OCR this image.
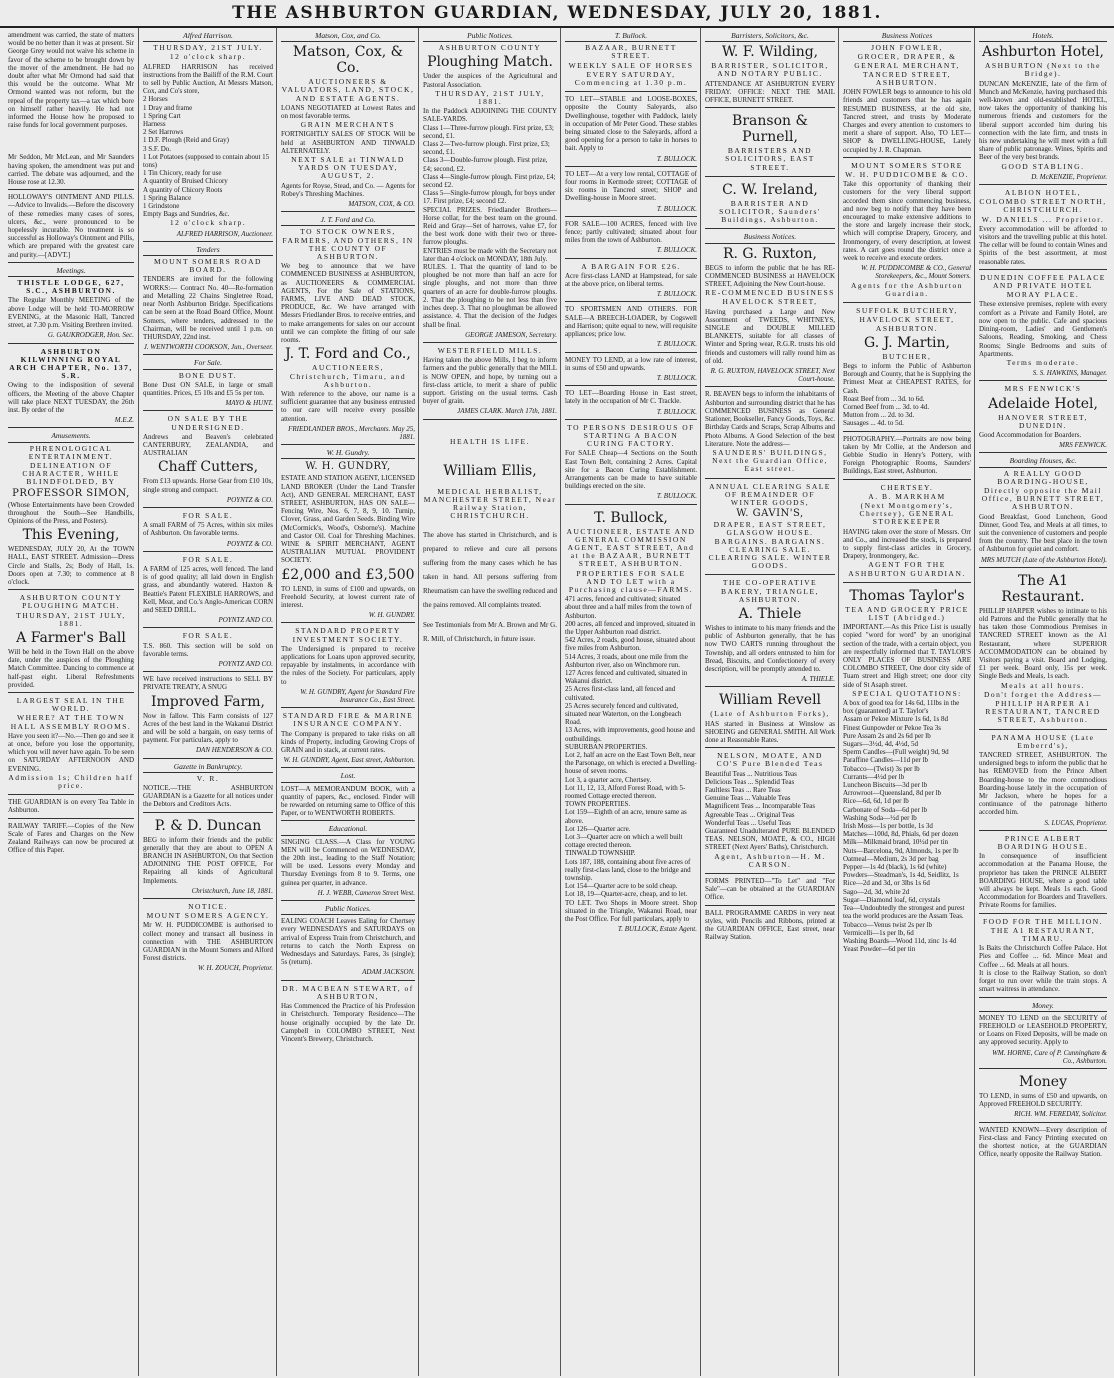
THE ASHBURTON GUARDIAN, WEDNESDAY, JULY 20, 1881.
amendment was carried, the state of matters would be no better than it was at present. Sir George Grey would not waive his scheme in favor of the scheme to be brought down by the mover of the amendment. He had no doubt after what Mr Ormond had said that this would be the outcome. What Mr Ormond wanted was not reform, but the repeal of the property tax—a tax which bore on himself rather heavily. He had not informed the House how he proposed to raise funds for local government purposes.
Mr Seddon, Mr McLean, and Mr Saunders having spoken, the amendment was put and carried. The debate was adjourned, and the House rose at 12.30.
HOLLOWAY'S OINTMENT AND PILLS.—Advice to Invalids.—Before the discovery of these remedies many cases of sores, ulcers, &c., were pronounced to be hopelessly incurable. No treatment is so successful as Holloway's Ointment and Pills, which are prepared with the greatest care and purity.—[ADVT.]
Meetings.
THISTLE LODGE, 627, S.C., ASHBURTON.
The Regular Monthly MEETING of the above Lodge will be held TO-MORROW EVENING, at the Masonic Hall, Tancred street, at 7.30 p.m. Visiting Brethren invited.
G. GAUKRODGER, Hon. Sec.
ASHBURTON KILWINNING ROYAL ARCH CHAPTER, No. 137, S.R.
Owing to the indisposition of several officers, the Meeting of the above Chapter will take place NEXT TUESDAY, the 26th inst. By order of the
M.E.Z.
Amusements.
PHRENOLOGICAL ENTERTAINMENT.
DELINEATION OF CHARACTER, WHILE BLINDFOLDED, BY
PROFESSOR SIMON,
(Whose Entertainments have been Crowded throughout the South—See Handbills, Opinions of the Press, and Posters).
This Evening,
WEDNESDAY, JULY 20, At the TOWN HALL, EAST STREET. Admission—Dress Circle and Stalls, 2s; Body of Hall, 1s. Doors open at 7.30; to commence at 8 o'clock.
ASHBURTON COUNTY PLOUGHING MATCH.
THURSDAY, 21ST JULY, 1881.
A Farmer's Ball
Will be held in the Town Hall on the above date, under the auspices of the Ploughing Match Committee. Dancing to commence at half-past eight. Liberal Refreshments provided.
LARGEST SEAL IN THE WORLD.
WHERE? AT THE TOWN HALL ASSEMBLY ROOMS.
Have you seen it?—No.—Then go and see it at once, before you lose the opportunity, which you will never have again. To be seen on SATURDAY AFTERNOON AND EVENING.
Admission 1s; Children half price.
THE GUARDIAN is on every Tea Table in Ashburton.
RAILWAY TARIFF.—Copies of the New Scale of Fares and Charges on the New Zealand Railways can now be procured at Office of this Paper.
Alfred Harrison.
THURSDAY, 21ST JULY.
12 o'clock sharp.
ALFRED HARRISON has received instructions from the Bailiff of the R.M. Court to sell by Public Auction, At Messrs Matson, Cox, and Co's store,
2 Horses
1 Dray and frame
1 Spring Cart
Harness
2 Set Harrows
1 D.F. Plough (Reid and Gray)
3 S.F. Do.
1 Lot Potatoes (supposed to contain about 15 tons)
1 Tin Chicory, ready for use
A quantity of Bruised Chicory
A quantity of Chicory Roots
1 Spring Balance
1 Grindstone
Empty Bags and Sundries, &c.
12 o'clock sharp.
ALFRED HARRISON, Auctioneer.
Tenders
MOUNT SOMERS ROAD BOARD.
TENDERS are invited for the following WORKS:— Contract No. 40—Re-formation and Metalling 22 Chains Singletree Road, near North Ashburton Bridge. Specifications can be seen at the Road Board Office, Mount Somers, where tenders, addressed to the Chairman, will be received until 1 p.m. on THURSDAY, 22nd inst.
J. WENTWORTH COOKSON, Jun., Overseer.
For Sale.
BONE DUST.
Bone Dust ON SALE, in large or small quantities. Prices, £5 10s and £5 5s per ton.
MAYO & HUNT.
ON SALE BY THE UNDERSIGNED.
Andrews and Beaven's celebrated CANTERBURY, ZEALANDIA, and AUSTRALIAN
Chaff Cutters,
From £13 upwards. Horse Gear from £10 10s, single strong and compact.
POYNTZ & CO.
FOR SALE.
A small FARM of 75 Acres, within six miles of Ashburton. On favorable terms.
POYNTZ & CO.
FOR SALE.
A FARM of 125 acres, well fenced. The land is of good quality; all laid down in English grass, and abundantly watered. Haxton & Beattie's Patent FLEXIBLE HARROWS, and Kell, Meat, and Co.'s Anglo-American CORN and SEED DRILL.
POYNTZ AND CO.
FOR SALE.
T.S. 860. This section will be sold on favorable terms.
POYNTZ AND CO.
WE have received instructions to SELL BY PRIVATE TREATY, A SNUG
Improved Farm,
Now in fallow. This Farm consists of 127 Acres of the best land in the Wakanui District and will be sold a bargain, on easy terms of payment. For particulars, apply to
DAN HENDERSON & CO.
Gazette in Bankruptcy.
V. R.
NOTICE.—THE ASHBURTON GUARDIAN is a Gazette for all notices under the Debtors and Creditors Acts.
P. & D. Duncan
BEG to inform their friends and the public generally that they are about to OPEN A BRANCH IN ASHBURTON, On that Section ADJOINING THE POST OFFICE, For Repairing all kinds of Agricultural Implements.
Christchurch, June 18, 1881.
NOTICE.
MOUNT SOMERS AGENCY.
Mr W. H. PUDDICOMBE is authorised to collect money and transact all business in connection with THE ASHBURTON GUARDIAN in the Mount Somers and Alford Forest districts.
W. H. ZOUCH, Proprietor.
Matson, Cox, and Co.
Matson, Cox, & Co.
AUCTIONEERS & VALUATORS, LAND, STOCK, AND ESTATE AGENTS.
LOANS NEGOTIATED at Lowest Rates and on most favorable terms.
GRAIN MERCHANTS
FORTNIGHTLY SALES OF STOCK Will be held at ASHBURTON AND TINWALD ALTERNATELY.
NEXT SALE at TINWALD YARDS ON TUESDAY, AUGUST, 2.
Agents for Royse, Stead, and Co. — Agents for Robey's Threshing Machines.
MATSON, COX, & CO.
J. T. Ford and Co.
TO STOCK OWNERS, FARMERS, AND OTHERS, IN THE COUNTY OF ASHBURTON.
We beg to announce that we have COMMENCED BUSINESS at ASHBURTON, as AUCTIONEERS & COMMERCIAL AGENTS, For the Sale of STATIONS, FARMS, LIVE AND DEAD STOCK, PRODUCE, &c. We have arranged with Messrs Friedlander Bros. to receive entries, and to make arrangements for sales on our account until we can complete the fitting of our sale rooms.
J. T. Ford and Co.,
AUCTIONEERS, Christchurch, Timaru, and Ashburton.
With reference to the above, our name is a sufficient guarantee that any business entrusted to our care will receive every possible attention.
FRIEDLANDER BROS., Merchants. May 25, 1881.
W. H. Gundry.
W. H. GUNDRY,
ESTATE AND STATION AGENT, LICENSED LAND BROKER (Under the Land Transfer Act), AND GENERAL MERCHANT, EAST STREET, ASHBURTON, HAS ON SALE— Fencing Wire, Nos. 6, 7, 8, 9, 10. Turnip, Clover, Grass, and Garden Seeds. Binding Wire (McCormick's, Wood's, Osborne's). Machine and Castor Oil. Coal for Threshing Machines. WINE & SPIRIT MERCHANT, AGENT AUSTRALIAN MUTUAL PROVIDENT SOCIETY.
£2,000 and £3,500
TO LEND, in sums of £100 and upwards, on Freehold Security, at lowest current rate of interest.
W. H. GUNDRY.
STANDARD PROPERTY INVESTMENT SOCIETY.
The Undersigned is prepared to receive applications for Loans upon approved security, repayable by instalments, in accordance with the rules of the Society. For particulars, apply to
W. H. GUNDRY, Agent for Standard Fire Insurance Co., East Street.
STANDARD FIRE & MARINE INSURANCE COMPANY.
The Company is prepared to take risks on all kinds of Property, including Growing Crops of GRAIN and in stack, at current rates.
W. H. GUNDRY, Agent, East street, Ashburton.
Lost.
LOST—A MEMORANDUM BOOK, with a quantity of papers, &c., enclosed. Finder will be rewarded on returning same to Office of this Paper, or to WENTWORTH ROBERTS.
Educational.
SINGING CLASS.—A Class for YOUNG MEN will be Commenced on WEDNESDAY, the 20th inst., leading to the Staff Notation; will be used. Lessons every Monday and Thursday Evenings from 8 to 9. Terms, one guinea per quarter, in advance.
H. J. WEBB, Cameron Street West.
Public Notices.
EALING COACH Leaves Ealing for Chertsey every WEDNESDAYS and SATURDAYS on arrival of Express Train from Christchurch, and returns to catch the North Express on Wednesdays and Saturdays. Fares, 3s (single); 5s (return).
ADAM JACKSON.
DR. MACBEAN STEWART, of ASHBURTON,
Has Commenced the Practice of his Profession in Christchurch. Temporary Residence—The house originally occupied by the late Dr. Campbell in COLOMBO STREET, Next Vincent's Brewery, Christchurch.
Public Notices.
ASHBURTON COUNTY
Ploughing Match.
Under the auspices of the Agricultural and Pastoral Association.
THURSDAY, 21ST JULY, 1881.
In the Paddock ADJOINING THE COUNTY SALE-YARDS.
Class 1—Three-furrow plough. First prize, £3; second, £1.
Class 2—Two-furrow plough. First prize, £3; second, £1.
Class 3—Double-furrow plough. First prize, £4; second, £2.
Class 4—Single-furrow plough. First prize, £4; second £2.
Class 5—Single-furrow plough, for boys under 17. First prize, £4; second £2.
SPECIAL PRIZES. Friedlander Brothers—Horse collar, for the best team on the ground. Reid and Gray—Set of harrows, value £7, for the best work done with their two or three-furrow ploughs.
ENTRIES must be made with the Secretary not later than 4 o'clock on MONDAY, 18th July.
RULES. 1. That the quantity of land to be ploughed be not more than half an acre for single ploughs, and not more than three quarters of an acre for double-furrow ploughs. 2. That the ploughing to be not less than five inches deep. 3. That no ploughman be allowed assistance. 4. That the decision of the Judges shall be final.
GEORGE JAMESON, Secretary.
WESTERFIELD MILLS.
Having taken the above Mills, I beg to inform farmers and the public generally that the MILL is NOW OPEN, and hope, by turning out a first-class article, to merit a share of public support. Gristing on the usual terms. Cash buyer of grain.
JAMES CLARK. March 17th, 1881.
HEALTH IS LIFE.
William Ellis,
MEDICAL HERBALIST, MANCHESTER STREET, Near Railway Station, CHRISTCHURCH.
The above has started in Christchurch, and is prepared to relieve and cure all persons suffering from the many cases which he has taken in hand. All persons suffering from Rheumatism can have the swelling reduced and the pains removed. All complaints treated.
See Testimonials from Mr A. Brown and Mr G. R. Mill, of Christchurch, in future issue.
T. Bullock.
BAZAAR, BURNETT STREET.
WEEKLY SALE OF HORSES
EVERY SATURDAY, Commencing at 1.30 p.m.
TO LET—STABLE and LOOSE-BOXES, opposite the County Saleyards, also Dwellinghouse, together with Paddock, lately in occupation of Mr Peter Good. These stables being situated close to the Saleyards, afford a good opening for a person to take in horses to bait. Apply to
T. BULLOCK.
TO LET—At a very low rental, COTTAGE of four rooms in Kermode street; COTTAGE of six rooms in Tancred street; SHOP and Dwelling-house in Moore street.
T. BULLOCK.
FOR SALE—100 ACRES, fenced with live fence; partly cultivated; situated about four miles from the town of Ashburton.
T. BULLOCK.
A BARGAIN FOR £26.
Acre first-class LAND at Hampstead, for sale at the above price, on liberal terms.
T. BULLOCK.
TO SPORTSMEN AND OTHERS. FOR SALE—A BREECH-LOADER, by Cogswell and Harrison; quite equal to new, will requisite appliances; price low.
T. BULLOCK.
MONEY TO LEND, at a low rate of interest, in sums of £50 and upwards.
T. BULLOCK.
TO LET—Boarding House in East street, lately in the occupation of Mr C. Trackle.
T. BULLOCK.
TO PERSONS DESIROUS OF STARTING A BACON CURING FACTORY.
For SALE Cheap—4 Sections on the South East Town Belt, containing 2 Acres. Capital site for a Bacon Curing Establishment. Arrangements can be made to have suitable buildings erected on the site.
T. BULLOCK.
T. Bullock,
AUCTIONEER, ESTATE AND GENERAL COMMISSION AGENT, EAST STREET, And at the BAZAAR, BURNETT STREET, ASHBURTON.
PROPERTIES FOR SALE AND TO LET with a Purchasing clause—FARMS.
471 acres, fenced and cultivated; situated about three and a half miles from the town of Ashburton.
200 acres, all fenced and improved, situated in the Upper Ashburton road district.
542 Acres, 2 roads, good house, situated about five miles from Ashburton.
514 Acres, 3 roads, about one mile from the Ashburton river, also on Winchmore run.
127 Acres fenced and cultivated, situated in Wakanui district.
25 Acres first-class land, all fenced and cultivated.
25 Acres securely fenced and cultivated, situated near Waterton, on the Longbeach Road.
13 Acres, with improvements, good house and outbuildings.
SUBURBAN PROPERTIES.
Lot 2, half an acre on the East Town Belt, near the Parsonage, on which is erected a Dwelling-house of seven rooms.
Lot 3, a quarter acre, Chertsey.
Lot 11, 12, 13, Alford Forest Road, with 5-roomed Cottage erected thereon.
TOWN PROPERTIES.
Lot 159—Eighth of an acre, tenure same as above.
Lot 126—Quarter acre.
Lot 3—Quarter acre on which a well built cottage erected thereon.
TINWALD TOWNSHIP.
Lots 187, 188, containing about five acres of really first-class land, close to the bridge and township.
Lot 154—Quarter acre to be sold cheap.
Lot 18, 19—Quarter-acre, cheap, and to let.
TO LET. Two Shops in Moore street. Shop situated in the Triangle, Wakanui Road, near the Post Office. For full particulars, apply to
T. BULLOCK, Estate Agent.
Barristers, Solicitors, &c.
W. F. Wilding,
BARRISTER, SOLICITOR, AND NOTARY PUBLIC.
ATTENDANCE AT ASHBURTON EVERY FRIDAY. OFFICE: NEXT THE MAIL OFFICE, BURNETT STREET.
Branson & Purnell,
BARRISTERS AND SOLICITORS, EAST STREET.
C. W. Ireland,
BARRISTER AND SOLICITOR, Saunders' Buildings, Ashburton.
Business Notices.
R. G. Ruxton,
BEGS to inform the public that he has RE-COMMENCED BUSINESS at HAVELOCK STREET, Adjoining the New Court-house.
RE-COMMENCED BUSINESS
HAVELOCK STREET,
Having purchased a Large and New Assortment of TWEEDS, WHITNEYS, SINGLE and DOUBLE MILLED BLANKETS, suitable for all classes of Winter and Spring wear, R.G.R. trusts his old friends and customers will rally round him as of old.
R. G. RUXTON, HAVELOCK STREET, Next Court-house.
R. BEAVEN begs to inform the inhabitants of Ashburton and surrounding district that he has COMMENCED BUSINESS as General Stationer, Bookseller, Fancy Goods, Toys, &c. Birthday Cards and Scraps, Scrap Albums and Photo Albums. A Good Selection of the best Literature. Note the address—
SAUNDERS' BUILDINGS, Next the Guardian Office, East street.
ANNUAL CLEARING SALE OF REMAINDER OF WINTER GOODS,
W. GAVIN'S,
DRAPER, EAST STREET, GLASGOW HOUSE. BARGAINS. BARGAINS. CLEARING SALE. CLEARING SALE. WINTER GOODS.
THE CO-OPERATIVE BAKERY, TRIANGLE, ASHBURTON.
A. Thiele
Wishes to intimate to his many friends and the public of Ashburton generally, that he has now TWO CARTS running throughout the Township, and all orders entrusted to him for Bread, Biscuits, and Confectionery of every description, will be promptly attended to.
A. THIELE.
William Revell
(Late of Ashburton Forks),
HAS started in Business at Winslow as SHOEING and GENERAL SMITH. All Work done at Reasonable Rates.
NELSON, MOATE, AND CO'S Pure Blended Teas
Beautiful Teas ... Nutritious Teas
Delicious Teas ... Splendid Teas
Faultless Teas ... Rare Teas
Genuine Teas ... Valuable Teas
Magnificent Teas ... Incomparable Teas
Agreeable Teas ... Original Teas
Wonderful Teas ... Useful Teas
Guaranteed Unadulterated PURE BLENDED TEAS. NELSON, MOATE, & CO., HIGH STREET (Next Ayers' Baths), Christchurch.
Agent, Ashburton—H. M. CARSON.
FORMS PRINTED—"To Let" and "For Sale"—can be obtained at the GUARDIAN Office.
BALL PROGRAMME CARDS in very neat styles, with Pencils and Ribbons, printed at the GUARDIAN OFFICE, East street, near Railway Station.
Business Notices
JOHN FOWLER,
GROCER, DRAPER, & GENERAL MERCHANT,
TANCRED STREET, ASHBURTON.
JOHN FOWLER begs to announce to his old friends and customers that he has again RESUMED BUSINESS, at the old site, Tancred street, and trusts by Moderate Charges and every attention to customers to merit a share of support. Also, TO LET—SHOP & DWELLING-HOUSE, Lately occupied by J. R. Chapman.
MOUNT SOMERS STORE
W. H. PUDDICOMBE & CO.
Take this opportunity of thanking their customers for the very liberal support accorded them since commencing business, and now beg to notify that they have been encouraged to make extensive additions to the store and largely increase their stock, which will comprise Drapery, Grocery, and Ironmongery, of every description, at lowest rates. A cart goes round the district once a week to receive and execute orders.
W. H. PUDDICOMBE & CO., General Storekeepers, &c., Mount Somers.
Agents for the Ashburton Guardian.
SUFFOLK BUTCHERY,
HAVELOCK STREET, ASHBURTON.
G. J. Martin,
BUTCHER,
Begs to inform the Public of Ashburton Borough and County, that he is Supplying the Primest Meat at CHEAPEST RATES, for Cash.
Roast Beef from ... 3d. to 6d.
Corned Beef from ... 3d. to 4d.
Mutton from ... 2d. to 3d.
Sausages ... 4d. to 5d.
PHOTOGRAPHY.—Portraits are now being taken by Mr Collie, at the Anderson and Gebbie Studio in Henry's Pottery, with Foreign Photographic Rooms, Saunders' Buildings, East street, Ashburton.
CHERTSEY.
A. B. MARKHAM
(Next Montgomery's, Chertsey), GENERAL STOREKEEPER
HAVING taken over the store of Messrs. Orr and Co., and increased the stock, is prepared to supply first-class articles in Grocery, Drapery, Ironmongery, &c.
AGENT FOR THE ASHBURTON GUARDIAN.
Thomas Taylor's
TEA AND GROCERY PRICE LIST (Abridged.)
IMPORTANT.—As this Price List is usually copied "word for word" by an unoriginal section of the trade, with a certain object, you are respectfully informed that T. TAYLOR'S ONLY PLACES OF BUSINESS ARE COLOMBO STREET, One door city side of Tuam street and High street; one door city side of St Asaph street.
SPECIAL QUOTATIONS:
A box of good tea for 14s 6d, 11lbs in the box (guaranteed) at T. Taylor's
Assam or Pekoe Mixture 1s 6d, 1s 8d
Finest Gunpowder or Pekoe Tea 3s
Pure Assam 2s and 2s 6d per lb
Sugars—3½d, 4d, 4½d, 5d
Sperm Candles—(Full weight) 9d, 9d
Paraffine Candles—11d per lb
Tobacco—(Twist) 3s per lb
Currants—4½d per lb
Luncheon Biscuits—3d per lb
Arrowroot—Queensland, 8d per lb
Rice—6d, 6d, 1d per lb
Carbonate of Soda—6d per lb
Washing Soda—½d per lb
Irish Moss—1s per bottle, 1s 3d
Matches—100d, 8d, Phials, 6d per dozen
Milk—Milkmaid brand, 10½d per tin
Nuts—Barcelona, 9d, Almonds, 1s per lb
Oatmeal—Medium, 2s 3d per bag
Pepper—1s 4d (black), 1s 6d (white)
Powders—Steadman's, 1s 4d, Seidlitz, 1s
Rice—2d and 3d, or 3lbs 1s 6d
Sago—2d, 3d, white 2d
Sugar—Diamond loaf, 6d, crystals
Tea—Undoubtedly the strongest and purest tea the world produces are the Assam Teas.
Tobacco—Venus twist 2s per lb
Vermicelli—1s per lb, 6d
Washing Boards—Wood 11d, zinc 1s 4d
Yeast Powder—6d per tin
Hotels.
Ashburton Hotel,
ASHBURTON (Next to the Bridge).
DUNCAN McKENZIE, late of the firm of Munch and McKenzie, having purchased this well-known and old-established HOTEL, now takes the opportunity of thanking his numerous friends and customers for the liberal support accorded him during his connection with the late firm, and trusts in his new undertaking he will meet with a full share of public patronage. Wines, Spirits and Beer of the very best brands.
GOOD STABLING.
D. McKENZIE, Proprietor.
ALBION HOTEL,
COLOMBO STREET NORTH, CHRISTCHURCH.
W. DANIELS ... Proprietor.
Every accommodation will be afforded to visitors and the travelling public at this hotel. The cellar will be found to contain Wines and Spirits of the best assortment, at most reasonable rates.
DUNEDIN COFFEE PALACE AND PRIVATE HOTEL
MORAY PLACE.
These extensive premises, replete with every comfort as a Private and Family Hotel, are now open to the public. Cafe and spacious Dining-room, Ladies' and Gentlemen's Saloons, Reading, Smoking, and Chess Rooms; Single Bedrooms and suits of Apartments.
Terms moderate.
S. S. HAWKINS, Manager.
MRS FENWICK'S
Adelaide Hotel,
HANOVER STREET, DUNEDIN.
Good Accommodation for Boarders.
MRS FENWICK.
Boarding Houses, &c.
A REALLY GOOD BOARDING-HOUSE,
Directly opposite the Mail Office, BURNETT STREET, ASHBURTON.
Good Breakfast, Good Luncheon, Good Dinner, Good Tea, and Meals at all times, to suit the convenience of customers and people from the country. The best place in the town of Ashburton for quiet and comfort.
MRS MUTCH (Late of the Ashburton Hotel).
The A1 Restaurant.
PHILLIP HARPER wishes to intimate to his old Patrons and the Public generally that he has taken those Commodious Premises in TANCRED STREET known as the A1 Restaurant, where SUPERIOR ACCOMMODATION can be obtained by Visitors paying a visit. Board and Lodging, £1 per week. Board only, 15s per week. Single Beds and Meals, 1s each.
Meals at all hours.
Don't forget the Address—
PHILLIP HARPER A1 RESTAURANT, TANCRED STREET, Ashburton.
PANAMA HOUSE (Late Emberrd's),
TANCRED STREET, ASHBURTON. The undersigned begs to inform the public that he has REMOVED from the Prince Albert Boarding-house to the more commodious Boarding-house lately in the occupation of Mr Jackson, where he hopes for a continuance of the patronage hitherto accorded him.
S. LUCAS, Proprietor.
PRINCE ALBERT BOARDING HOUSE.
In consequence of insufficient accommodation at the Panama House, the proprietor has taken the PRINCE ALBERT BOARDING HOUSE, where a good table will always be kept. Meals 1s each. Good Accommodation for Boarders and Travellers. Private Rooms for families.
FOOD FOR THE MILLION.
THE A1 RESTAURANT, TIMARU.
Is Baits the Christchurch Coffee Palace. Hot Pies and Coffee ... 6d. Mince Meat and Coffee ... 6d. Meals at all hours.
It is close to the Railway Station, so don't forget to run over while the train stops. A smart waitress in attendance.
Money.
MONEY TO LEND on the SECURITY of FREEHOLD or LEASEHOLD PROPERTY, or Loans on Fixed Deposits, will be made on any approved security. Apply to
WM. HORNE, Care of P. Cunningham & Co., Ashburton.
Money
TO LEND, in sums of £50 and upwards, on Approved FREEHOLD SECURITY.
RICH. WM. FEREDAY, Solicitor.
WANTED KNOWN—Every description of First-class and Fancy Printing executed on the shortest notice, at the GUARDIAN Office, nearly opposite the Railway Station.
